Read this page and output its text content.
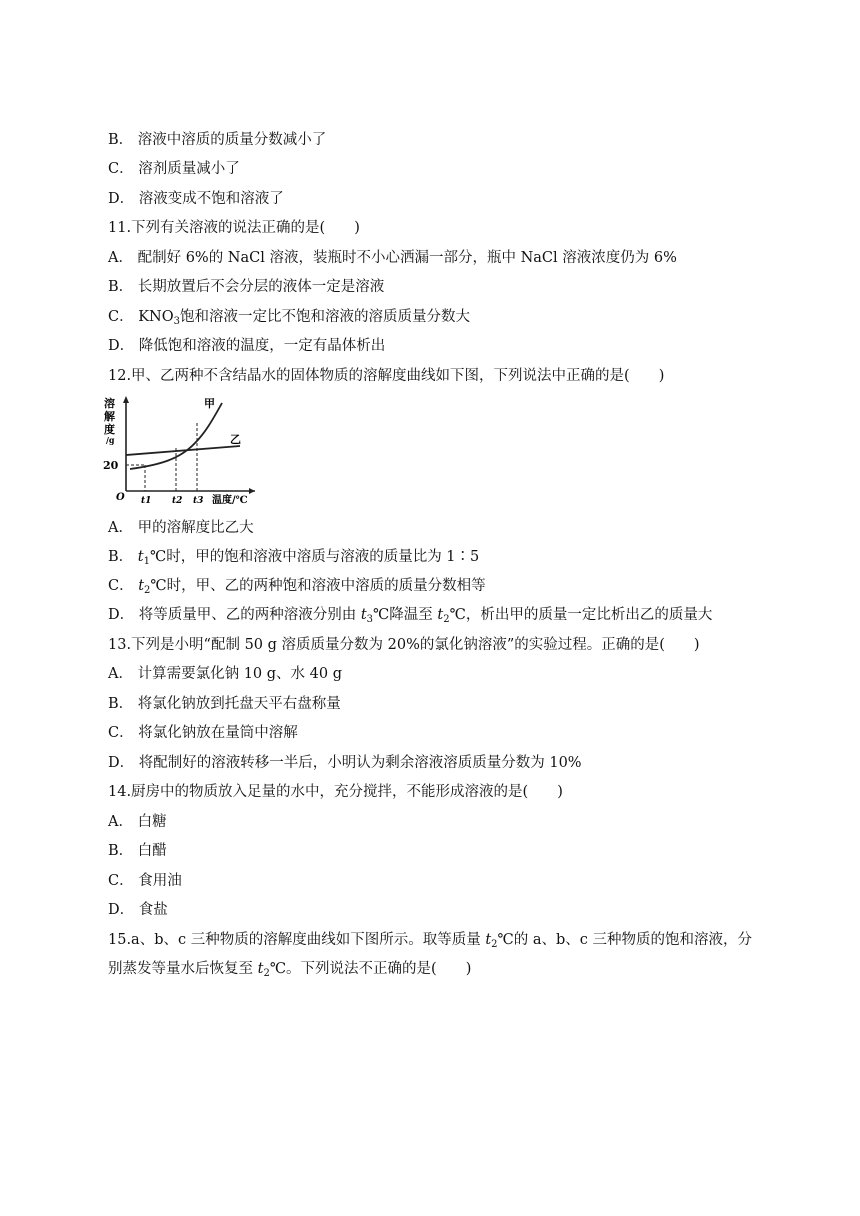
B． 溶液中溶质的质量分数减小了
C． 溶剂质量减小了
D． 溶液变成不饱和溶液了
11.下列有关溶液的说法正确的是(　　)
A． 配制好 6%的 NaCl 溶液，装瓶时不小心洒漏一部分，瓶中 NaCl 溶液浓度仍为 6%
B． 长期放置后不会分层的液体一定是溶液
C． $KNO_3$饱和溶液一定比不饱和溶液的溶质质量分数大
D． 降低饱和溶液的温度，一定有晶体析出
12.甲、乙两种不含结晶水的固体物质的溶解度曲线如下图，下列说法中正确的是(　　)
溶
解
度
/g
20
甲
乙
O t1 t2 t3 温度/℃
A． 甲的溶解度比乙大
B． $t_1℃$时，甲的饱和溶液中溶质与溶液的质量比为 1∶5
C． $t_2℃$时，甲、乙的两种饱和溶液中溶质的质量分数相等
D． 将等质量甲、乙的两种溶液分别由 $t_3℃$降温至 $t_2℃$，析出甲的质量一定比析出乙的质量大
13.下列是小明“配制 50 g 溶质质量分数为 20%的氯化钠溶液”的实验过程。正确的是(　　)
A． 计算需要氯化钠 10 g、水 40 g
B． 将氯化钠放到托盘天平右盘称量
C． 将氯化钠放在量筒中溶解
D． 将配制好的溶液转移一半后，小明认为剩余溶液溶质质量分数为 10%
14.厨房中的物质放入足量的水中，充分搅拌，不能形成溶液的是(　　)
A． 白糖
B． 白醋
C． 食用油
D． 食盐
15.a、b、c 三种物质的溶解度曲线如下图所示。取等质量 $t_2℃$的 a、b、c 三种物质的饱和溶液，分
别蒸发等量水后恢复至 $t_2℃$。下列说法不正确的是(　　)
